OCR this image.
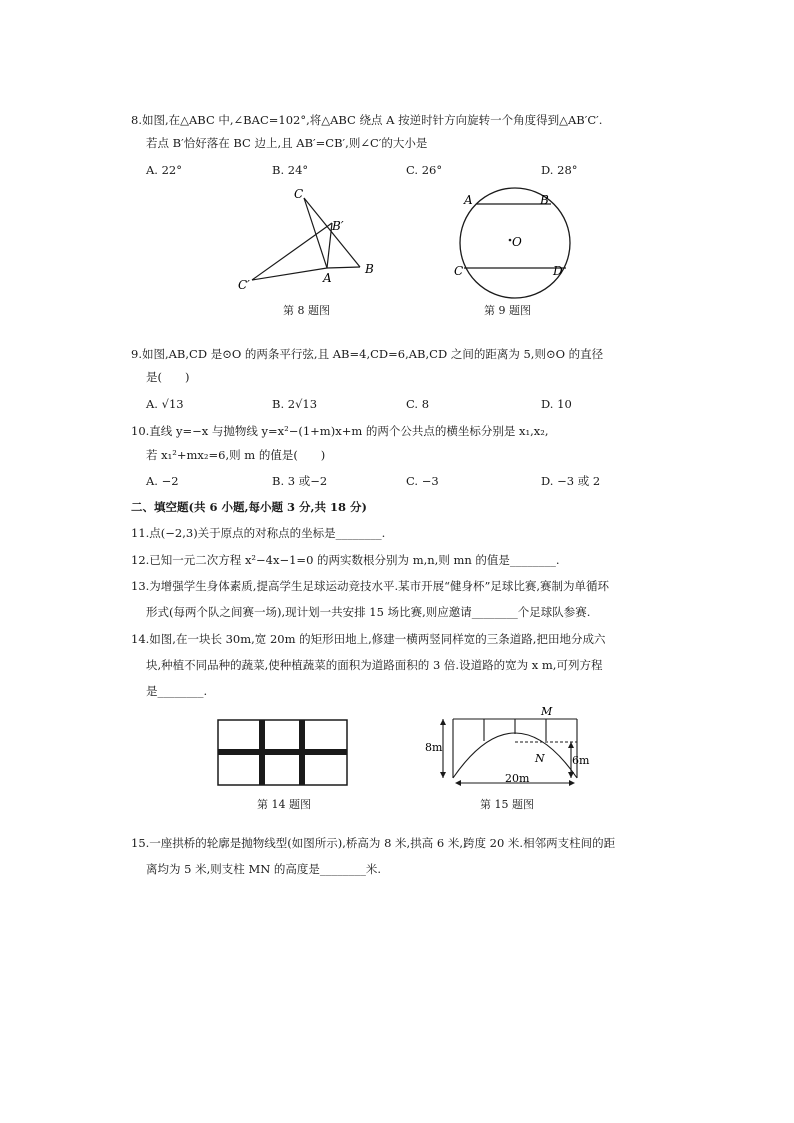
8.如图,在△ABC 中,∠BAC=102°,将△ABC 绕点 A 按逆时针方向旋转一个角度得到△AB′C′.
若点 B′恰好落在 BC 边上,且 AB′=CB′,则∠C′的大小是
A. 22°	B. 24°	C. 26°	D. 28°
C
B′
A
B
C′
第 8 题图
A	B
O
C	D
第 9 题图
9.如图,AB,CD 是⊙O 的两条平行弦,且 AB=4,CD=6,AB,CD 之间的距离为 5,则⊙O 的直径
是(　　)
A. √13	B. 2√13	C. 8	D. 10
10.直线 y=−x 与抛物线 y=x²−(1+m)x+m 的两个公共点的横坐标分别是 x₁,x₂,
若 x₁²+mx₂=6,则 m 的值是(　　)
A. −2	B. 3 或−2	C. −3	D. −3 或 2
二、填空题(共 6 小题,每小题 3 分,共 18 分)
11.点(−2,3)关于原点的对称点的坐标是________.
12.已知一元二次方程 x²−4x−1=0 的两实数根分别为 m,n,则 mn 的值是________.
13.为增强学生身体素质,提高学生足球运动竞技水平.某市开展“健身杯”足球比赛,赛制为单循环
形式(每两个队之间赛一场),现计划一共安排 15 场比赛,则应邀请________个足球队参赛.
14.如图,在一块长 30m,宽 20m 的矩形田地上,修建一横两竖同样宽的三条道路,把田地分成六
块,种植不同品种的蔬菜,使种植蔬菜的面积为道路面积的 3 倍.设道路的宽为 x m,可列方程
是________.
第 14 题图
M
N
8m
6m
20m
第 15 题图
15.一座拱桥的轮廓是抛物线型(如图所示),桥高为 8 米,拱高 6 米,跨度 20 米.相邻两支柱间的距
离均为 5 米,则支柱 MN 的高度是________米.
